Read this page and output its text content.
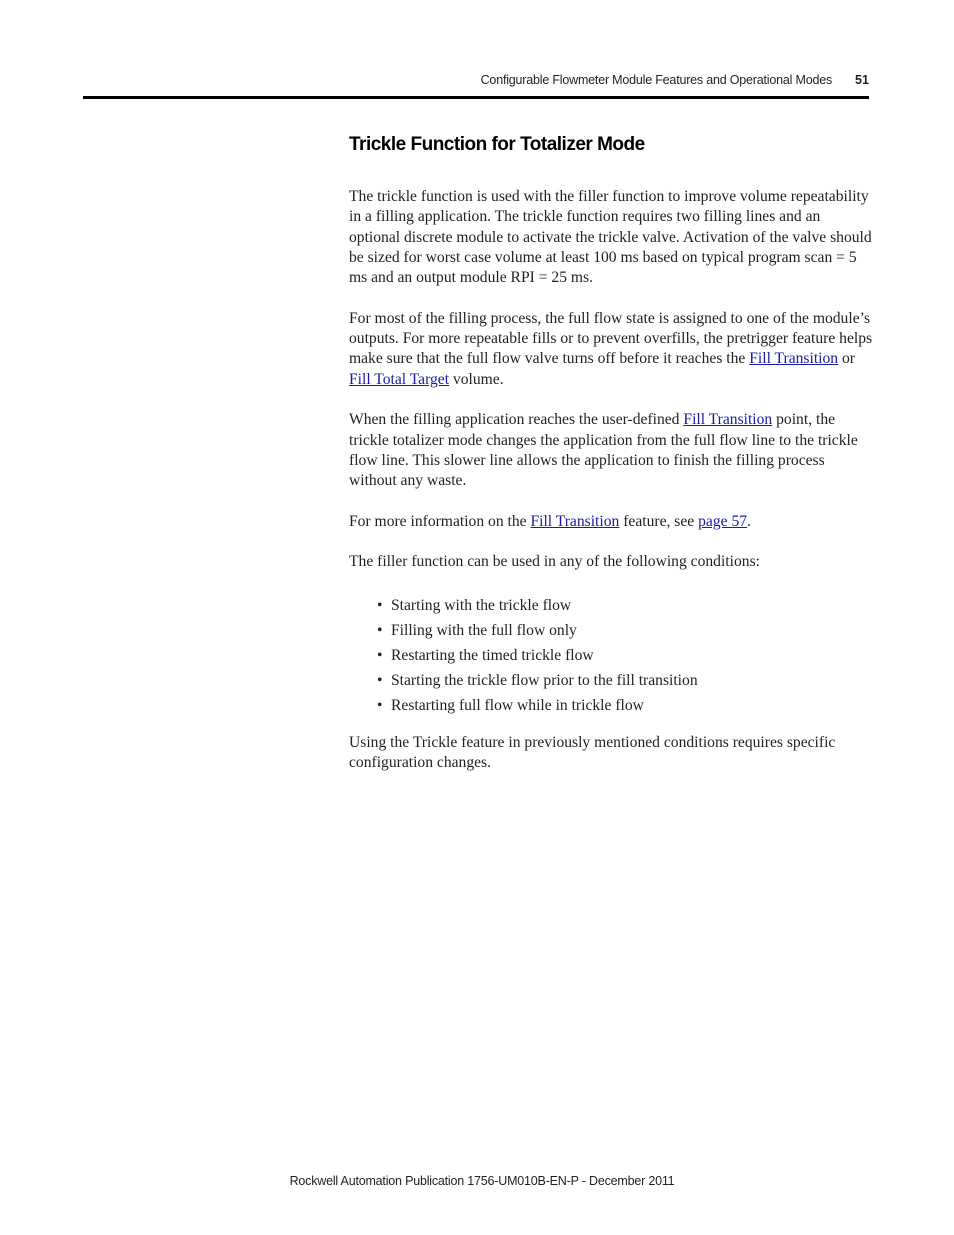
Configurable Flowmeter Module Features and Operational Modes 51
Trickle Function for Totalizer Mode

The trickle function is used with the filler function to improve volume repeatability in a filling application. The trickle function requires two filling lines and an optional discrete module to activate the trickle valve. Activation of the valve should be sized for worst case volume at least 100 ms based on typical program scan = 5 ms and an output module RPI = 25 ms.

For most of the filling process, the full flow state is assigned to one of the module’s outputs. For more repeatable fills or to prevent overfills, the pretrigger feature helps make sure that the full flow valve turns off before it reaches the Fill Transition or Fill Total Target volume.

When the filling application reaches the user-defined Fill Transition point, the trickle totalizer mode changes the application from the full flow line to the trickle flow line. This slower line allows the application to finish the filling process without any waste.

For more information on the Fill Transition feature, see page 57.

The filler function can be used in any of the following conditions:

• Starting with the trickle flow
• Filling with the full flow only
• Restarting the timed trickle flow
• Starting the trickle flow prior to the fill transition
• Restarting full flow while in trickle flow

Using the Trickle feature in previously mentioned conditions requires specific configuration changes.

Rockwell Automation Publication 1756-UM010B-EN-P - December 2011
